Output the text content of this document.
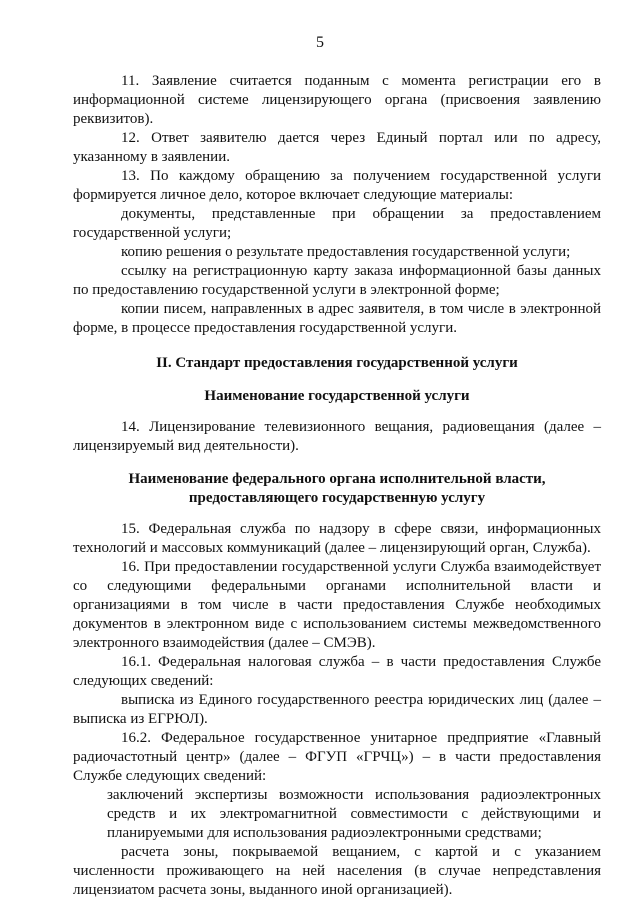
5

11. Заявление считается поданным с момента регистрации его в информационной системе лицензирующего органа (присвоения заявлению реквизитов).

12. Ответ заявителю дается через Единый портал или по адресу, указанному в заявлении.

13. По каждому обращению за получением государственной услуги формируется личное дело, которое включает следующие материалы:

документы, представленные при обращении за предоставлением государственной услуги;

копию решения о результате предоставления государственной услуги;

ссылку на регистрационную карту заказа информационной базы данных по предоставлению государственной услуги в электронной форме;

копии писем, направленных в адрес заявителя, в том числе в электронной форме, в процессе предоставления государственной услуги.

II. Стандарт предоставления государственной услуги
Наименование государственной услуги

14. Лицензирование телевизионного вещания, радиовещания (далее – лицензируемый вид деятельности).

Наименование федерального органа исполнительной власти, предоставляющего государственную услугу

15. Федеральная служба по надзору в сфере связи, информационных технологий и массовых коммуникаций (далее – лицензирующий орган, Служба).

16. При предоставлении государственной услуги Служба взаимодействует со следующими федеральными органами исполнительной власти и организациями в том числе в части предоставления Службе необходимых документов в электронном виде с использованием системы межведомственного электронного взаимодействия (далее – СМЭВ).

16.1. Федеральная налоговая служба – в части предоставления Службе следующих сведений:

выписка из Единого государственного реестра юридических лиц (далее – выписка из ЕГРЮЛ).

16.2. Федеральное государственное унитарное предприятие «Главный радиочастотный центр» (далее – ФГУП «ГРЧЦ») – в части предоставления Службе следующих сведений:

заключений экспертизы возможности использования радиоэлектронных средств и их электромагнитной совместимости с действующими и планируемыми для использования радиоэлектронными средствами;

расчета зоны, покрываемой вещанием, с картой и с указанием численности проживающего на ней населения (в случае непредставления лицензиатом расчета зоны, выданного иной организацией).
